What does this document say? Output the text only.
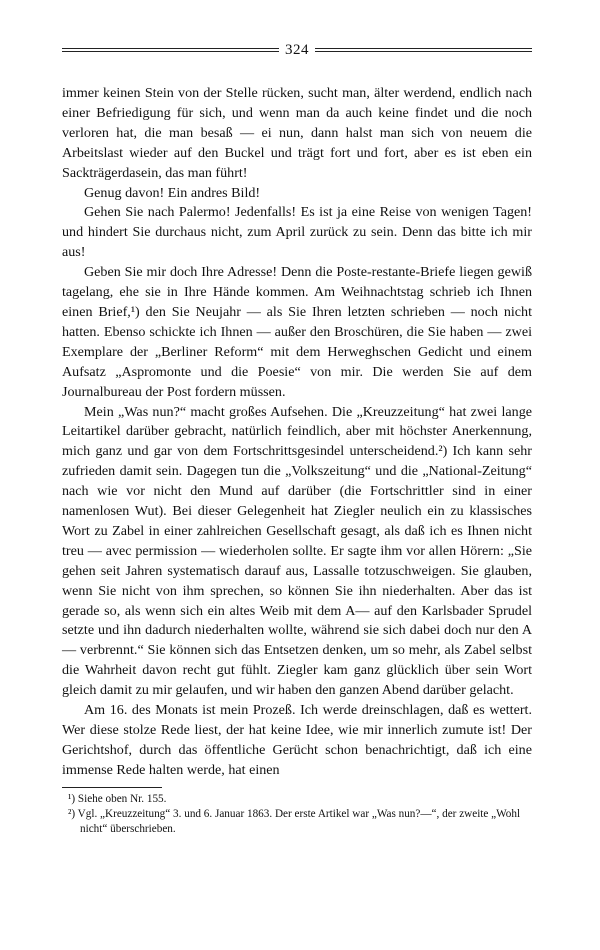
324

immer keinen Stein von der Stelle rücken, sucht man, älter werdend, endlich nach einer Befriedigung für sich, und wenn man da auch keine findet und die noch verloren hat, die man besaß — ei nun, dann halst man sich von neuem die Arbeitslast wieder auf den Buckel und trägt fort und fort, aber es ist eben ein Sackträgerdasein, das man führt!

Genug davon! Ein andres Bild!

Gehen Sie nach Palermo! Jedenfalls! Es ist ja eine Reise von wenigen Tagen! und hindert Sie durchaus nicht, zum April zurück zu sein. Denn das bitte ich mir aus!

Geben Sie mir doch Ihre Adresse! Denn die Poste-restante-Briefe liegen gewiß tagelang, ehe sie in Ihre Hände kommen. Am Weihnachtstag schrieb ich Ihnen einen Brief,¹) den Sie Neujahr — als Sie Ihren letzten schrieben — noch nicht hatten. Ebenso schickte ich Ihnen — außer den Broschüren, die Sie haben — zwei Exemplare der „Berliner Reform“ mit dem Herweghschen Gedicht und einem Aufsatz „Aspromonte und die Poesie“ von mir. Die werden Sie auf dem Journalbureau der Post fordern müssen.

Mein „Was nun?“ macht großes Aufsehen. Die „Kreuzzeitung“ hat zwei lange Leitartikel darüber gebracht, natürlich feindlich, aber mit höchster Anerkennung, mich ganz und gar von dem Fortschrittsgesindel unterscheidend.²) Ich kann sehr zufrieden damit sein. Dagegen tun die „Volkszeitung“ und die „National-Zeitung“ nach wie vor nicht den Mund auf darüber (die Fortschrittler sind in einer namenlosen Wut). Bei dieser Gelegenheit hat Ziegler neulich ein zu klassisches Wort zu Zabel in einer zahlreichen Gesellschaft gesagt, als daß ich es Ihnen nicht treu — avec permission — wiederholen sollte. Er sagte ihm vor allen Hörern: „Sie gehen seit Jahren systematisch darauf aus, Lassalle totzuschweigen. Sie glauben, wenn Sie nicht von ihm sprechen, so können Sie ihn niederhalten. Aber das ist gerade so, als wenn sich ein altes Weib mit dem A— auf den Karlsbader Sprudel setzte und ihn dadurch niederhalten wollte, während sie sich dabei doch nur den A— verbrennt.“ Sie können sich das Entsetzen denken, um so mehr, als Zabel selbst die Wahrheit davon recht gut fühlt. Ziegler kam ganz glücklich über sein Wort gleich damit zu mir gelaufen, und wir haben den ganzen Abend darüber gelacht.

Am 16. des Monats ist mein Prozeß. Ich werde dreinschlagen, daß es wettert. Wer diese stolze Rede liest, der hat keine Idee, wie mir innerlich zumute ist! Der Gerichtshof, durch das öffentliche Gerücht schon benachrichtigt, daß ich eine immense Rede halten werde, hat einen

¹) Siehe oben Nr. 155.

²) Vgl. „Kreuzzeitung“ 3. und 6. Januar 1863. Der erste Artikel war „Was nun?—“, der zweite „Wohl nicht“ überschrieben.
